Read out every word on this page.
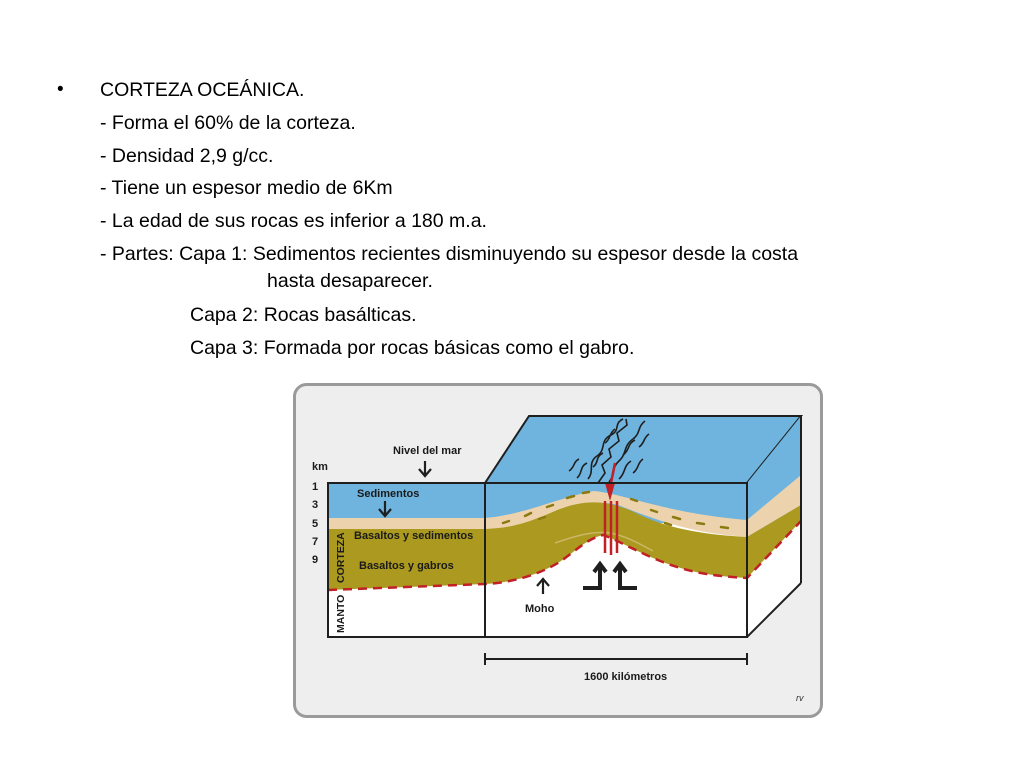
• CORTEZA OCEÁNICA.
- Forma el 60% de la corteza.
- Densidad 2,9 g/cc.
- Tiene un espesor medio de 6Km
- La edad de sus rocas es inferior a 180 m.a.
- Partes: Capa 1: Sedimentos recientes disminuyendo su espesor desde la costa
hasta desaparecer.
Capa 2: Rocas basálticas.
Capa 3: Formada por rocas básicas como el gabro.
km
1
3
5
7
9
Nivel del mar
Sedimentos
Basaltos y sedimentos
Basaltos y gabros
CORTEZA
MANTO	Moho
1600 kilómetros
rv
